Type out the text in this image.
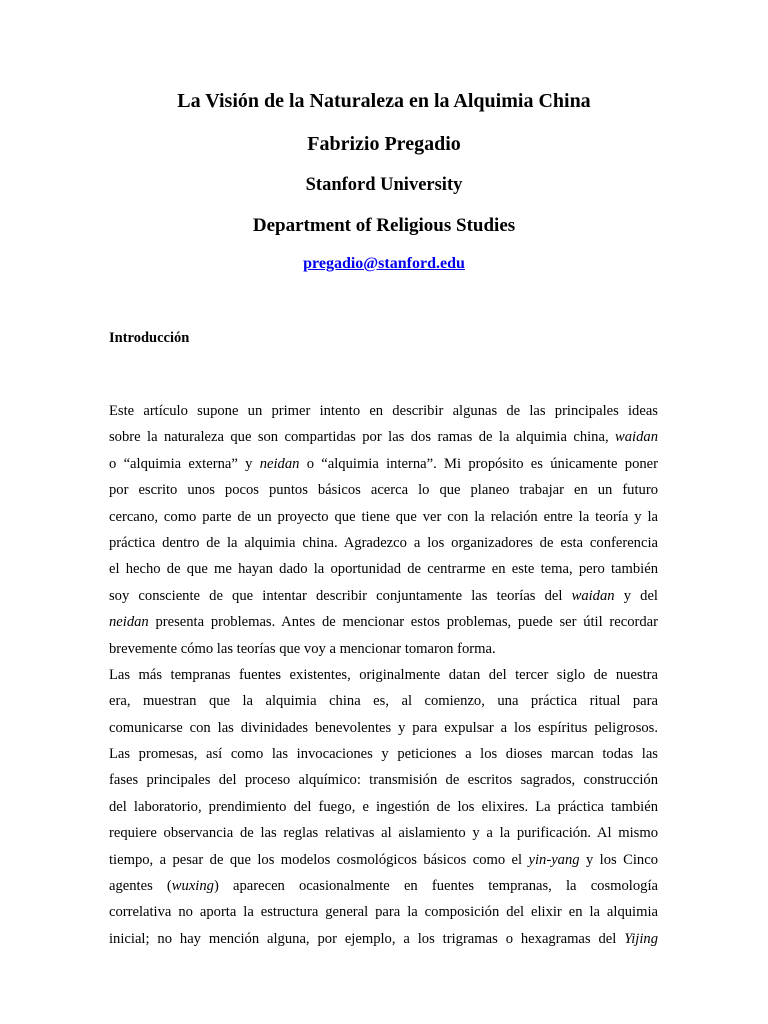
La Visión de la Naturaleza en la Alquimia China
Fabrizio Pregadio
Stanford University
Department of Religious Studies
pregadio@stanford.edu
Introducción
Este artículo supone un primer intento en describir algunas de las principales ideas
sobre la naturaleza que son compartidas por las dos ramas de la alquimia china, waidan
o “alquimia externa” y neidan o “alquimia interna”. Mi propósito es únicamente poner
por escrito unos pocos puntos básicos acerca lo que planeo trabajar en un futuro
cercano, como parte de un proyecto que tiene que ver con la relación entre la teoría y la
práctica dentro de la alquimia china. Agradezco a los organizadores de esta conferencia
el hecho de que me hayan dado la oportunidad de centrarme en este tema, pero también
soy consciente de que intentar describir conjuntamente las teorías del waidan y del
neidan presenta problemas. Antes de mencionar estos problemas, puede ser útil recordar
brevemente cómo las teorías que voy a mencionar tomaron forma.
Las más tempranas fuentes existentes, originalmente datan del tercer siglo de nuestra
era, muestran que la alquimia china es, al comienzo, una práctica ritual para
comunicarse con las divinidades benevolentes y para expulsar a los espíritus peligrosos.
Las promesas, así como las invocaciones y peticiones a los dioses marcan todas las
fases principales del proceso alquímico: transmisión de escritos sagrados, construcción
del laboratorio, prendimiento del fuego, e ingestión de los elixires. La práctica también
requiere observancia de las reglas relativas al aislamiento y a la purificación. Al mismo
tiempo, a pesar de que los modelos cosmológicos básicos como el yin-yang y los Cinco
agentes (wuxing) aparecen ocasionalmente en fuentes tempranas, la cosmología
correlativa no aporta la estructura general para la composición del elixir en la alquimia
inicial; no hay mención alguna, por ejemplo, a los trigramas o hexagramas del Yijing
